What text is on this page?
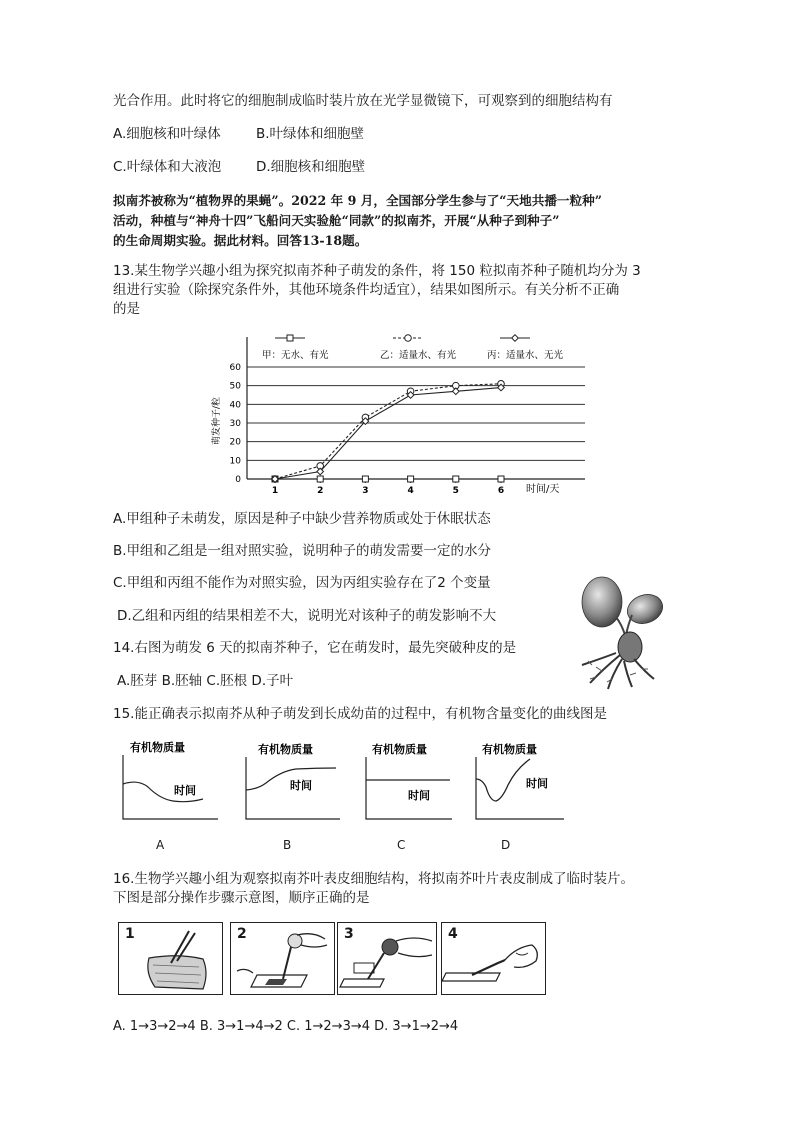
光合作用。此时将它的细胞制成临时装片放在光学显微镜下，可观察到的细胞结构有
A.细胞核和叶绿体	B.叶绿体和细胞壁
C.叶绿体和大液泡	D.细胞核和细胞壁
拟南芥被称为“植物界的果蝇”。2022 年 9 月，全国部分学生参与了“天地共播一粒种”
活动，种植与“神舟十四”飞船问天实验舱“同款”的拟南芥，开展“从种子到种子”
的生命周期实验。据此材料。回答13-18题。
13.某生物学兴趣小组为探究拟南芥种子萌发的条件，将 150 粒拟南芥种子随机均分为 3
组进行实验（除探究条件外，其他环境条件均适宜），结果如图所示。有关分析不正确
的是
0
10
20
30
40
50
60
1	2	3	4	5	6
甲：无水、有光	乙：适量水、有光	丙：适量水、无光
萌发种子/粒
时间/天
A.甲组种子未萌发，原因是种子中缺少营养物质或处于休眠状态
B.甲组和乙组是一组对照实验，说明种子的萌发需要一定的水分
C.甲组和丙组不能作为对照实验，因为丙组实验存在了2 个变量
D.乙组和丙组的结果相差不大，说明光对该种子的萌发影响不大
14.右图为萌发 6 天的拟南芥种子，它在萌发时，最先突破种皮的是
A.胚芽 B.胚轴 C.胚根 D.子叶
15.能正确表示拟南芥从种子萌发到长成幼苗的过程中，有机物含量变化的曲线图是
有机物质量
时间
有机物质量
时间
有机物质量
时间
有机物质量
时间
A	B	C	D
16.生物学兴趣小组为观察拟南芥叶表皮细胞结构，将拟南芥叶片表皮制成了临时装片。
下图是部分操作步骤示意图，顺序正确的是
1	2	3	4
A. 1→3→2→4 B. 3→1→4→2 C. 1→2→3→4 D. 3→1→2→4
